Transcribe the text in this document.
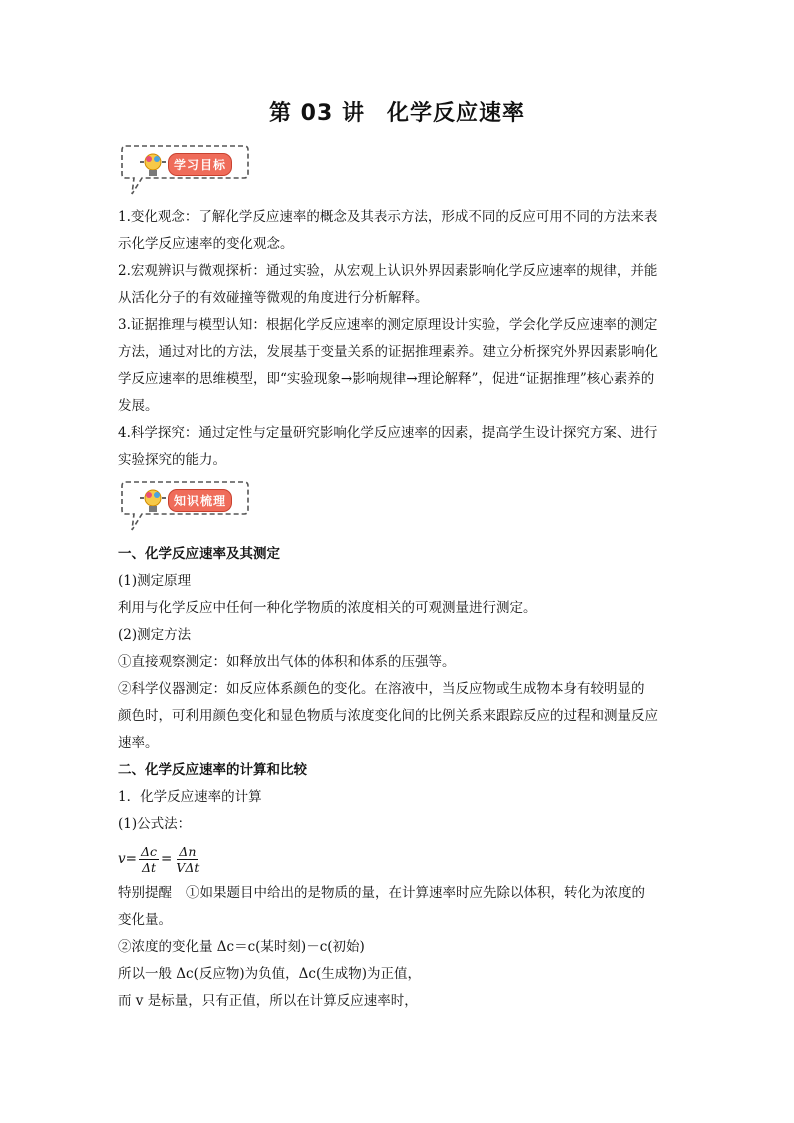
第 03 讲 化学反应速率
学习目标

1.变化观念：了解化学反应速率的概念及其表示方法，形成不同的反应可用不同的方法来表

示化学反应速率的变化观念。

2.宏观辨识与微观探析：通过实验，从宏观上认识外界因素影响化学反应速率的规律，并能

从活化分子的有效碰撞等微观的角度进行分析解释。

3.证据推理与模型认知：根据化学反应速率的测定原理设计实验，学会化学反应速率的测定

方法，通过对比的方法，发展基于变量关系的证据推理素养。建立分析探究外界因素影响化

学反应速率的思维模型，即“实验现象→影响规律→理论解释”，促进“证据推理”核心素养的

发展。

4.科学探究：通过定性与定量研究影响化学反应速率的因素，提高学生设计探究方案、进行

实验探究的能力。

知识梳理

一、化学反应速率及其测定

(1)测定原理

利用与化学反应中任何一种化学物质的浓度相关的可观测量进行测定。

(2)测定方法

①直接观察测定：如释放出气体的体积和体系的压强等。

②科学仪器测定：如反应体系颜色的变化。在溶液中，当反应物或生成物本身有较明显的

颜色时，可利用颜色变化和显色物质与浓度变化间的比例关系来跟踪反应的过程和测量反应

速率。

二、化学反应速率的计算和比较

1．化学反应速率的计算

(1)公式法：

$v = \frac{\Delta c}{\Delta t} = \frac{\Delta n}{\text{VΔt}}$

特别提醒 ①如果题目中给出的是物质的量，在计算速率时应先除以体积，转化为浓度的

变化量。

②浓度的变化量 Δc＝c(某时刻)－c(初始)

所以一般 Δc(反应物)为负值，Δc(生成物)为正值，

而 v 是标量，只有正值，所以在计算反应速率时，
